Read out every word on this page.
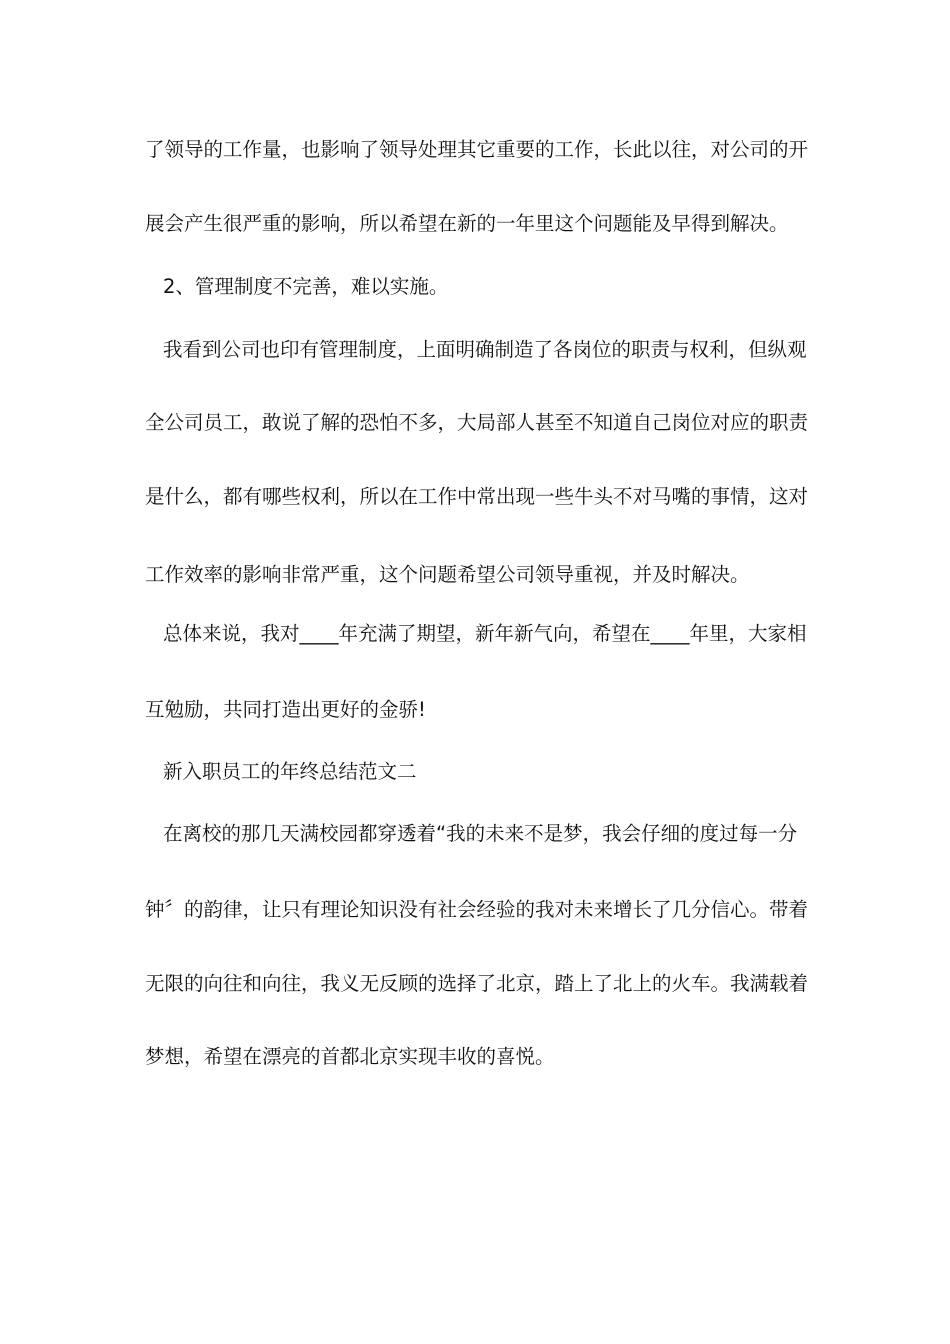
了领导的工作量，也影响了领导处理其它重要的工作，长此以往，对公司的开
展会产生很严重的影响，所以希望在新的一年里这个问题能及早得到解决。
2、管理制度不完善，难以实施。
我看到公司也印有管理制度，上面明确制造了各岗位的职责与权利，但纵观
全公司员工，敢说了解的恐怕不多，大局部人甚至不知道自己岗位对应的职责
是什么，都有哪些权利，所以在工作中常出现一些牛头不对马嘴的事情，这对
工作效率的影响非常严重，这个问题希望公司领导重视，并及时解决。
总体来说，我对____年充满了期望，新年新气向，希望在____年里，大家相
互勉励，共同打造出更好的金骄!
新入职员工的年终总结范文二
在离校的那几天满校园都穿透着“我的未来不是梦，我会仔细的度过每一分
钟〞的韵律，让只有理论知识没有社会经验的我对未来增长了几分信心。带着
无限的向往和向往，我义无反顾的选择了北京，踏上了北上的火车。我满载着
梦想，希望在漂亮的首都北京实现丰收的喜悦。
